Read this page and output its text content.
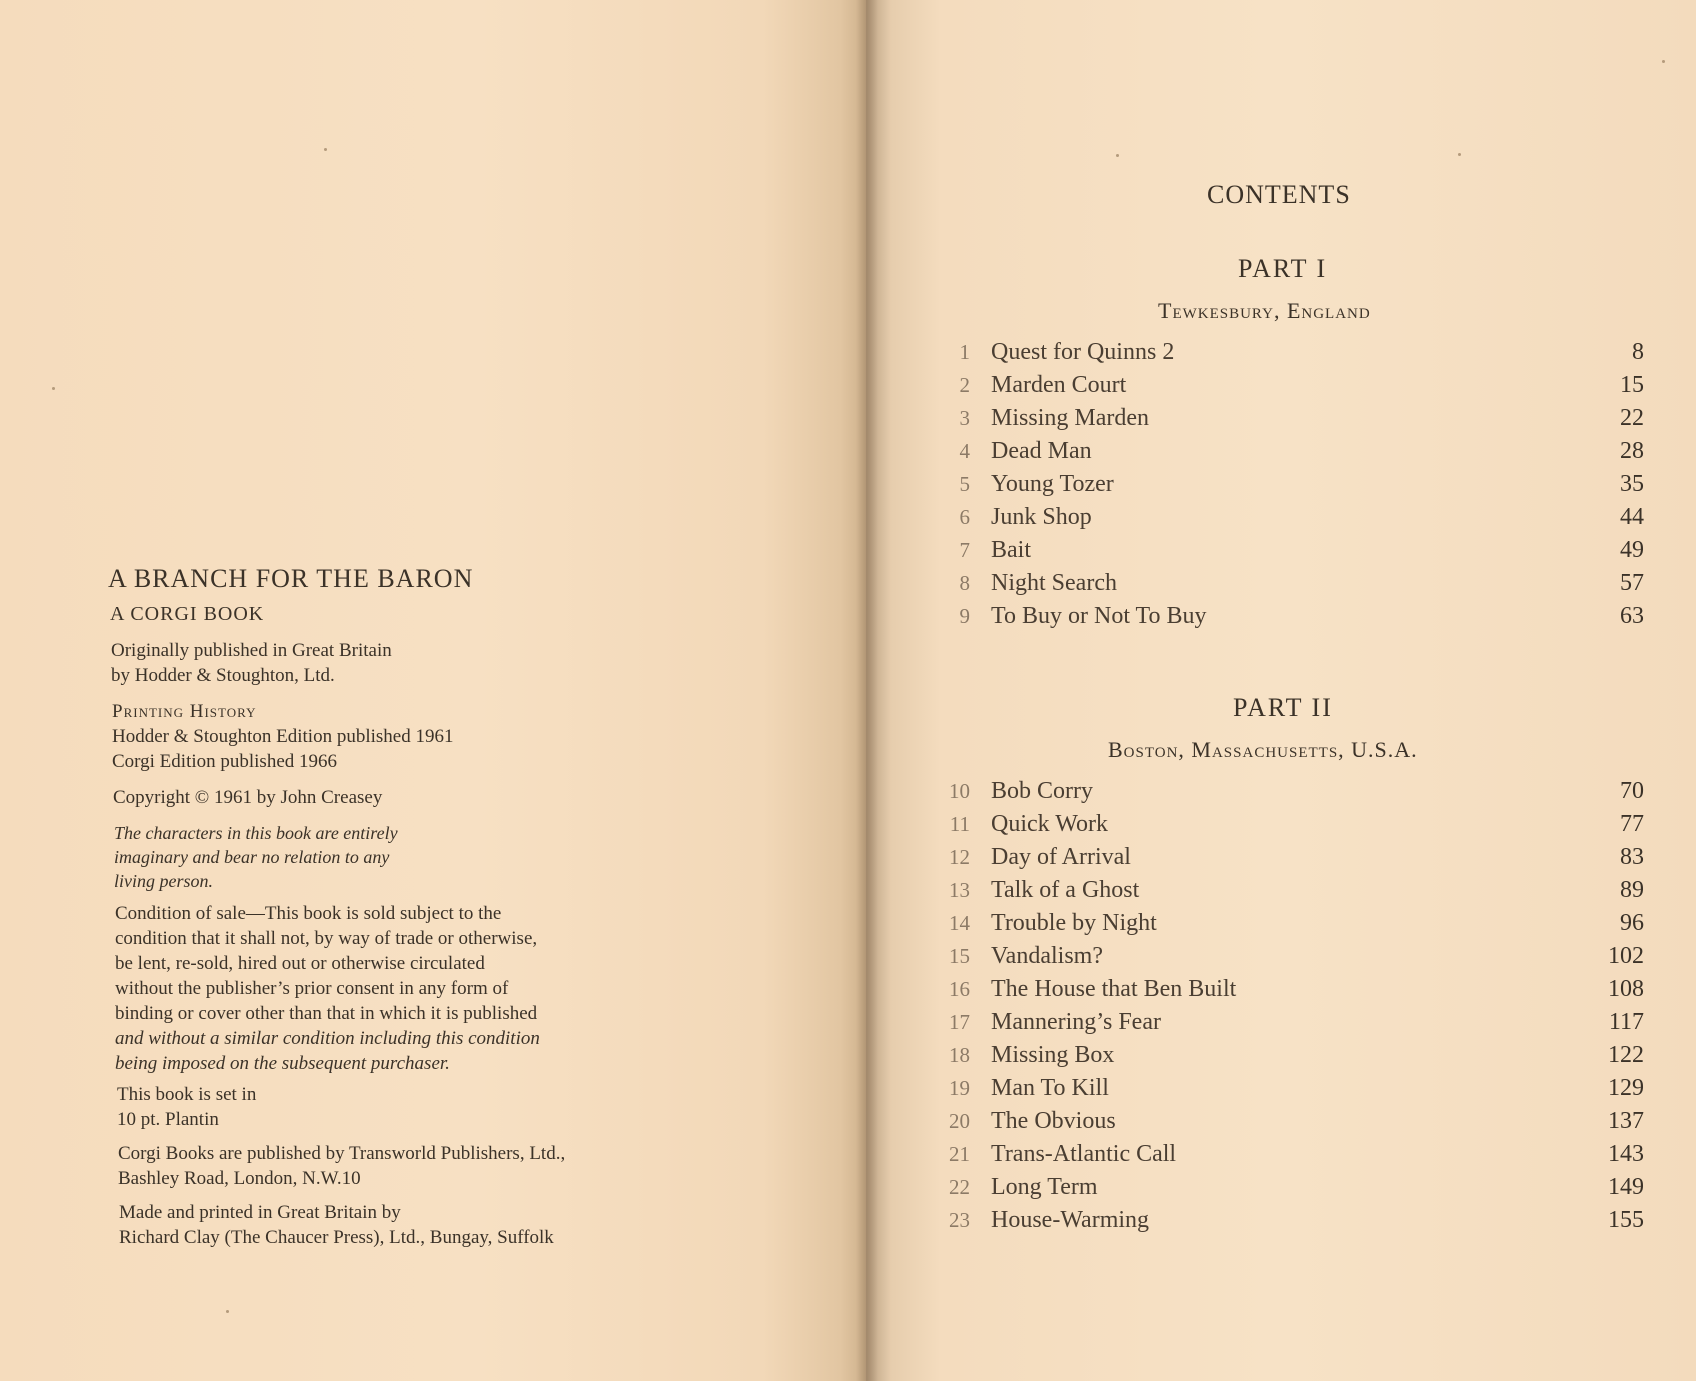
A BRANCH FOR THE BARON
A CORGI BOOK
Originally published in Great Britain
by Hodder & Stoughton, Ltd.
Printing History
Hodder & Stoughton Edition published 1961
Corgi Edition published 1966
Copyright © 1961 by John Creasey
The characters in this book are entirely
imaginary and bear no relation to any
living person.
Condition of sale—This book is sold subject to the
condition that it shall not, by way of trade or otherwise,
be lent, re-sold, hired out or otherwise circulated
without the publisher’s prior consent in any form of
binding or cover other than that in which it is published
and without a similar condition including this condition
being imposed on the subsequent purchaser.
This book is set in
10 pt. Plantin
Corgi Books are published by Transworld Publishers, Ltd.,
Bashley Road, London, N.W.10
Made and printed in Great Britain by
Richard Clay (The Chaucer Press), Ltd., Bungay, Suffolk
CONTENTS
PART I
Tewkesbury, England
1 Quest for Quinns 2	8
2 Marden Court	15
3 Missing Marden	22
4 Dead Man	28
5 Young Tozer	35
6 Junk Shop	44
7 Bait	49
8 Night Search	57
9 To Buy or Not To Buy	63
PART II
Boston, Massachusetts, U.S.A.
10 Bob Corry	70
11 Quick Work	77
12 Day of Arrival	83
13 Talk of a Ghost	89
14 Trouble by Night	96
15 Vandalism?	102
16 The House that Ben Built	108
17 Mannering’s Fear	117
18 Missing Box	122
19 Man To Kill	129
20 The Obvious	137
21 Trans-Atlantic Call	143
22 Long Term	149
23 House-Warming	155
